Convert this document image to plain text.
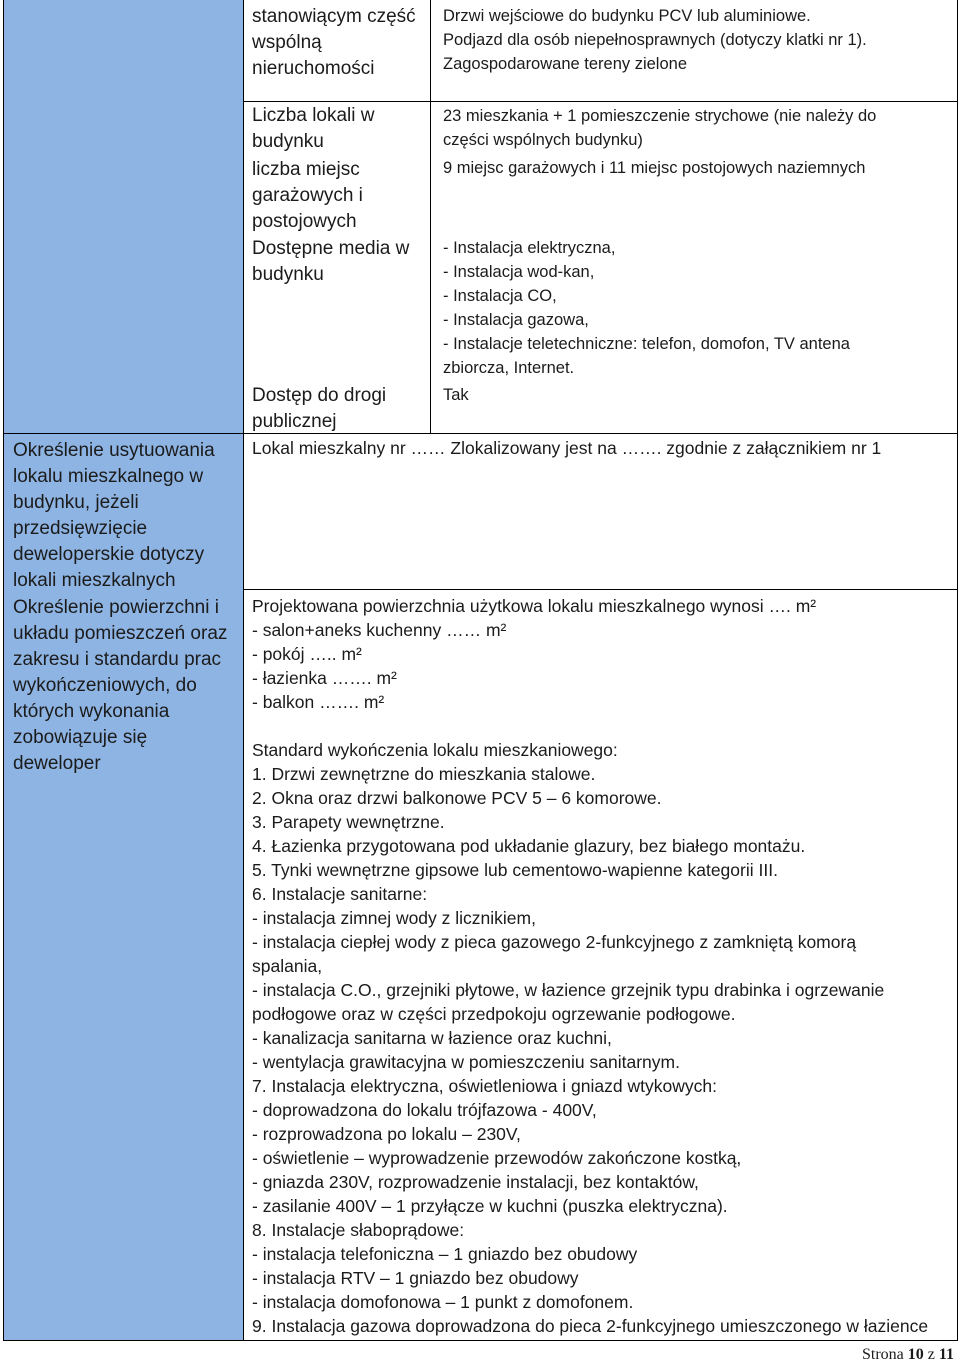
stanowiącym część
wspólną
nieruchomości
Drzwi wejściowe do budynku PCV lub aluminiowe.
Podjazd dla osób niepełnosprawnych (dotyczy klatki nr 1).
Zagospodarowane tereny zielone
Liczba lokali w
budynku
23 mieszkania + 1 pomieszczenie strychowe (nie należy do
części wspólnych budynku)
liczba miejsc
garażowych i
postojowych
9 miejsc garażowych i 11 miejsc postojowych naziemnych
Dostępne media w
budynku
- Instalacja elektryczna,
- Instalacja wod-kan,
- Instalacja CO,
- Instalacja gazowa,
- Instalacje teletechniczne: telefon, domofon, TV antena
zbiorcza, Internet.
Dostęp do drogi
publicznej
Tak
Określenie usytuowania
lokalu mieszkalnego w
budynku, jeżeli
przedsięwzięcie
deweloperskie dotyczy
lokali mieszkalnych
Określenie powierzchni i
układu pomieszczeń oraz
zakresu i standardu prac
wykończeniowych, do
których wykonania
zobowiązuje się
deweloper
Lokal mieszkalny nr …… Zlokalizowany jest na ……. zgodnie z załącznikiem nr 1
Projektowana powierzchnia użytkowa lokalu mieszkalnego wynosi …. m²
- salon+aneks kuchenny …… m²
- pokój ….. m²
- łazienka ……. m²
- balkon ……. m²
Standard wykończenia lokalu mieszkaniowego:
1. Drzwi zewnętrzne do mieszkania stalowe.
2. Okna oraz drzwi balkonowe PCV 5 – 6 komorowe.
3. Parapety wewnętrzne.
4. Łazienka przygotowana pod układanie glazury, bez białego montażu.
5. Tynki wewnętrzne gipsowe lub cementowo-wapienne kategorii III.
6. Instalacje sanitarne:
- instalacja zimnej wody z licznikiem,
- instalacja ciepłej wody z pieca gazowego 2-funkcyjnego z zamkniętą komorą
spalania,
- instalacja C.O., grzejniki płytowe, w łazience grzejnik typu drabinka i ogrzewanie
podłogowe oraz w części przedpokoju ogrzewanie podłogowe.
- kanalizacja sanitarna w łazience oraz kuchni,
- wentylacja grawitacyjna w pomieszczeniu sanitarnym.
7. Instalacja elektryczna, oświetleniowa i gniazd wtykowych:
- doprowadzona do lokalu trójfazowa - 400V,
- rozprowadzona po lokalu – 230V,
- oświetlenie – wyprowadzenie przewodów zakończone kostką,
- gniazda 230V, rozprowadzenie instalacji, bez kontaktów,
- zasilanie 400V – 1 przyłącze w kuchni (puszka elektryczna).
8. Instalacje słaboprądowe:
- instalacja telefoniczna – 1 gniazdo bez obudowy
- instalacja RTV – 1 gniazdo bez obudowy
- instalacja domofonowa – 1 punkt z domofonem.
9. Instalacja gazowa doprowadzona do pieca 2-funkcyjnego umieszczonego w łazience
Strona 10 z 11
